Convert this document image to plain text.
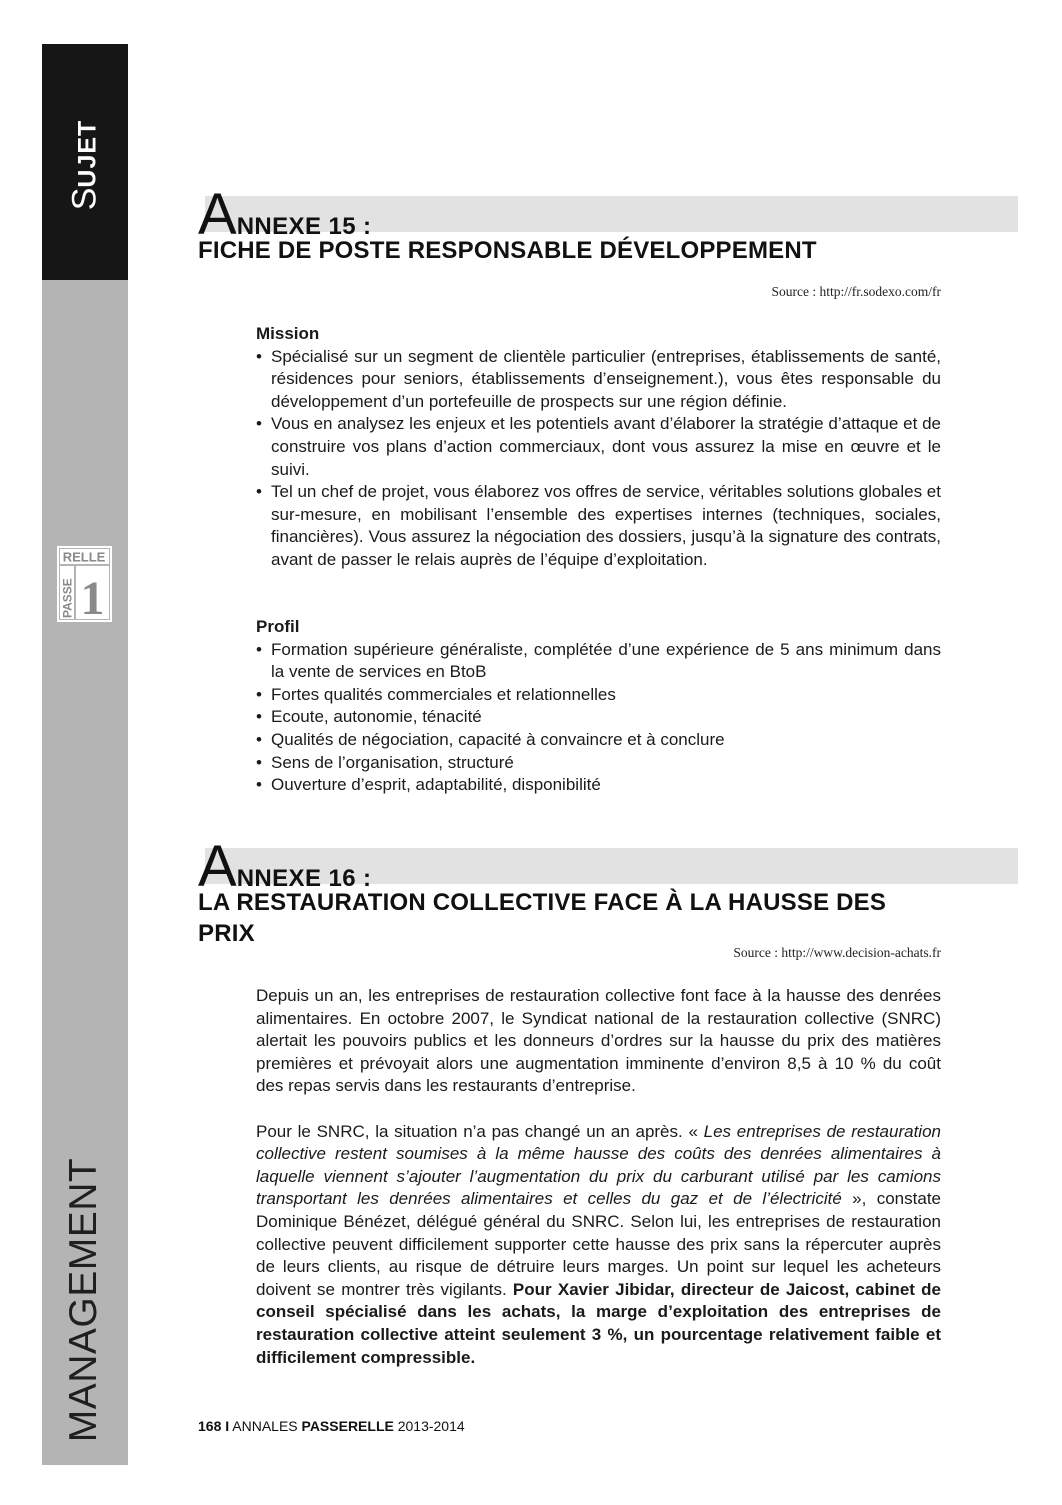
SUJET
MANAGEMENT
RELLE
PASSE 1
ANNEXE 15 :
FICHE DE POSTE RESPONSABLE DÉVELOPPEMENT
Source : http://fr.sodexo.com/fr
Mission
• Spécialisé sur un segment de clientèle particulier (entreprises, établissements de santé, résidences pour seniors, établissements d’enseignement.), vous êtes responsable du développement d’un portefeuille de prospects sur une région définie.
• Vous en analysez les enjeux et les potentiels avant d’élaborer la stratégie d’attaque et de construire vos plans d’action commerciaux, dont vous assurez la mise en œuvre et le suivi.
• Tel un chef de projet, vous élaborez vos offres de service, véritables solutions globales et sur-mesure, en mobilisant l’ensemble des expertises internes (techniques, sociales, financières). Vous assurez la négociation des dossiers, jusqu’à la signature des contrats, avant de passer le relais auprès de l’équipe d’exploitation.
Profil
• Formation supérieure généraliste, complétée d’une expérience de 5 ans minimum dans la vente de services en BtoB
• Fortes qualités commerciales et relationnelles
• Ecoute, autonomie, ténacité
• Qualités de négociation, capacité à convaincre et à conclure
• Sens de l’organisation, structuré
• Ouverture d’esprit, adaptabilité, disponibilité
ANNEXE 16 :
LA RESTAURATION COLLECTIVE FACE À LA HAUSSE DES PRIX
Source : http://www.decision-achats.fr

Depuis un an, les entreprises de restauration collective font face à la hausse des denrées alimentaires. En octobre 2007, le Syndicat national de la restauration collective (SNRC) alertait les pouvoirs publics et les donneurs d’ordres sur la hausse du prix des matières premières et prévoyait alors une augmentation imminente d’environ 8,5 à 10 % du coût des repas servis dans les restaurants d’entreprise.

Pour le SNRC, la situation n’a pas changé un an après. « Les entreprises de restauration collective restent soumises à la même hausse des coûts des denrées alimentaires à laquelle viennent s’ajouter l’augmentation du prix du carburant utilisé par les camions transportant les denrées alimentaires et celles du gaz et de l’électricité », constate Dominique Bénézet, délégué général du SNRC. Selon lui, les entreprises de restauration collective peuvent difficilement supporter cette hausse des prix sans la répercuter auprès de leurs clients, au risque de détruire leurs marges. Un point sur lequel les acheteurs doivent se montrer très vigilants. Pour Xavier Jibidar, directeur de Jaicost, cabinet de conseil spécialisé dans les achats, la marge d’exploitation des entreprises de restauration collective atteint seulement 3 %, un pourcentage relativement faible et difficilement compressible.

168 I ANNALES PASSERELLE 2013-2014
